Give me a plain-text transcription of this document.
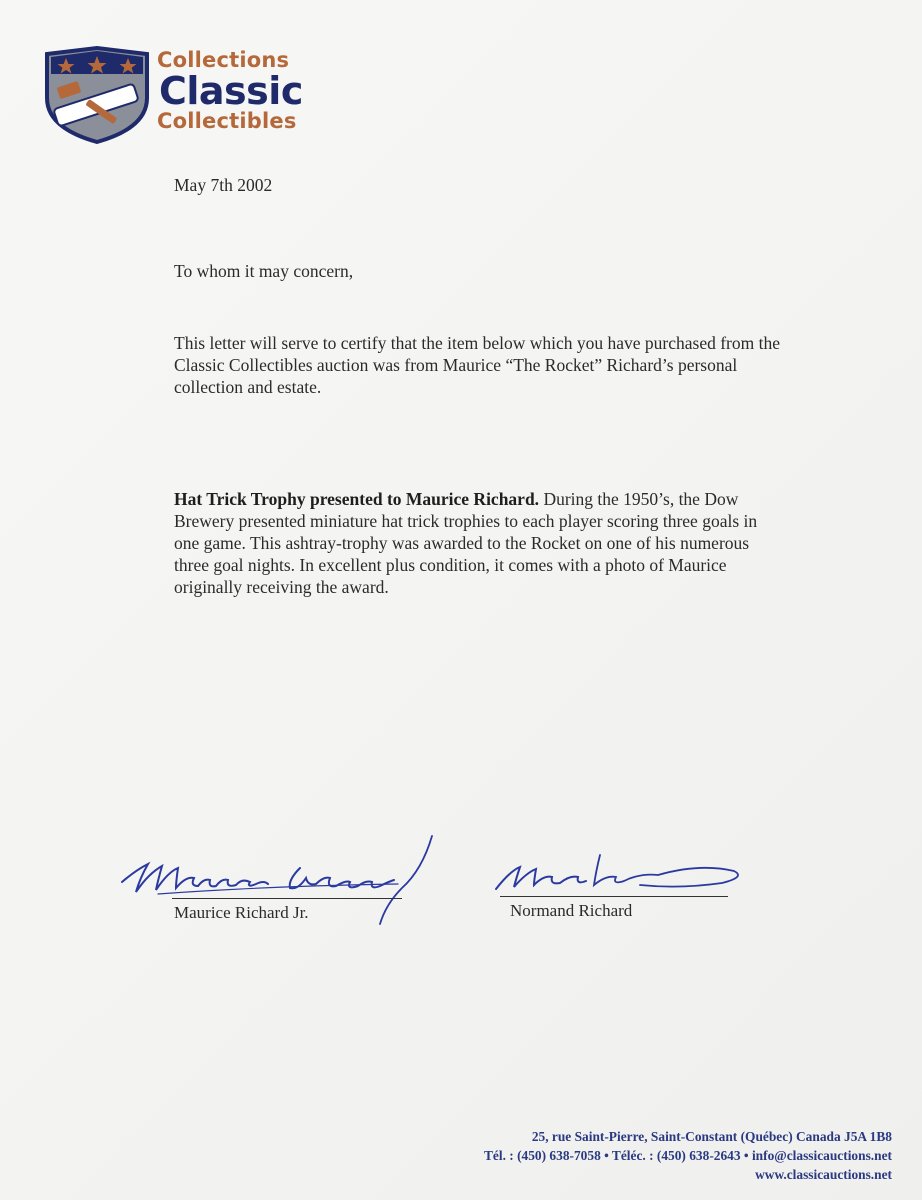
Collections
Classic
Collectibles
May 7th 2002
To whom it may concern,
This letter will serve to certify that the item below which you have purchased from the Classic Collectibles auction was from Maurice “The Rocket” Richard’s personal collection and estate.
Hat Trick Trophy presented to Maurice Richard. During the 1950’s, the Dow Brewery presented miniature hat trick trophies to each player scoring three goals in one game. This ashtray-trophy was awarded to the Rocket on one of his numerous three goal nights. In excellent plus condition, it comes with a photo of Maurice originally receiving the award.
Maurice Richard Jr.	Normand Richard
25, rue Saint-Pierre, Saint-Constant (Québec) Canada J5A 1B8
Tél. : (450) 638-7058 • Téléc. : (450) 638-2643 • info@classicauctions.net
www.classicauctions.net
